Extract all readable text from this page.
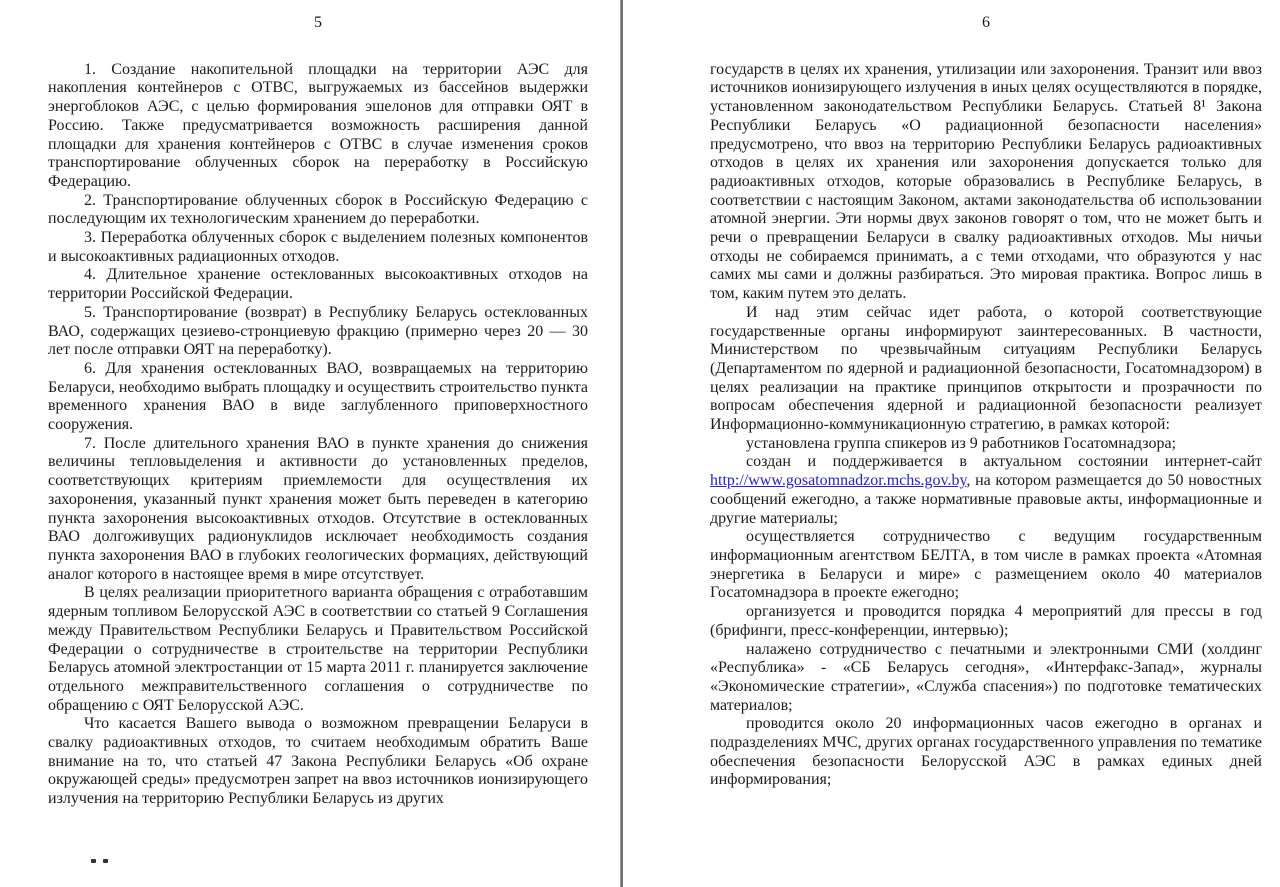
5

1. Создание накопительной площадки на территории АЭС для накопления контейнеров с ОТВС, выгружаемых из бассейнов выдержки энергоблоков АЭС, с целью формирования эшелонов для отправки ОЯТ в Россию. Также предусматривается возможность расширения данной площадки для хранения контейнеров с ОТВС в случае изменения сроков транспортирование облученных сборок на переработку в Российскую Федерацию.

2. Транспортирование облученных сборок в Российскую Федерацию с последующим их технологическим хранением до переработки.

3. Переработка облученных сборок с выделением полезных компонентов и высокоактивных радиационных отходов.

4. Длительное хранение остеклованных высокоактивных отходов на территории Российской Федерации.

5. Транспортирование (возврат) в Республику Беларусь остеклованных ВАО, содержащих цезиево-стронциевую фракцию (примерно через 20 — 30 лет после отправки ОЯТ на переработку).

6. Для хранения остеклованных ВАО, возвращаемых на территорию Беларуси, необходимо выбрать площадку и осуществить строительство пункта временного хранения ВАО в виде заглубленного приповерхностного сооружения.

7. После длительного хранения ВАО в пункте хранения до снижения величины тепловыделения и активности до установленных пределов, соответствующих критериям приемлемости для осуществления их захоронения, указанный пункт хранения может быть переведен в категорию пункта захоронения высокоактивных отходов. Отсутствие в остеклованных ВАО долгоживущих радионуклидов исключает необходимость создания пункта захоронения ВАО в глубоких геологических формациях, действующий аналог которого в настоящее время в мире отсутствует.

В целях реализации приоритетного варианта обращения с отработавшим ядерным топливом Белорусской АЭС в соответствии со статьей 9 Соглашения между Правительством Республики Беларусь и Правительством Российской Федерации о сотрудничестве в строительстве на территории Республики Беларусь атомной электростанции от 15 марта 2011 г. планируется заключение отдельного межправительственного соглашения о сотрудничестве по обращению с ОЯТ Белорусской АЭС.

Что касается Вашего вывода о возможном превращении Беларуси в свалку радиоактивных отходов, то считаем необходимым обратить Ваше внимание на то, что статьей 47 Закона Республики Беларусь «Об охране окружающей среды» предусмотрен запрет на ввоз источников ионизирующего излучения на территорию Республики Беларусь из других

6

государств в целях их хранения, утилизации или захоронения. Транзит или ввоз источников ионизирующего излучения в иных целях осуществляются в порядке, установленном законодательством Республики Беларусь. Статьей 8¹ Закона Республики Беларусь «О радиационной безопасности населения» предусмотрено, что ввоз на территорию Республики Беларусь радиоактивных отходов в целях их хранения или захоронения допускается только для радиоактивных отходов, которые образовались в Республике Беларусь, в соответствии с настоящим Законом, актами законодательства об использовании атомной энергии. Эти нормы двух законов говорят о том, что не может быть и речи о превращении Беларуси в свалку радиоактивных отходов. Мы ничьи отходы не собираемся принимать, а с теми отходами, что образуются у нас самих мы сами и должны разбираться. Это мировая практика. Вопрос лишь в том, каким путем это делать.

И над этим сейчас идет работа, о которой соответствующие государственные органы информируют заинтересованных. В частности, Министерством по чрезвычайным ситуациям Республики Беларусь (Департаментом по ядерной и радиационной безопасности, Госатомнадзором) в целях реализации на практике принципов открытости и прозрачности по вопросам обеспечения ядерной и радиационной безопасности реализует Информационно-коммуникационную стратегию, в рамках которой:

установлена группа спикеров из 9 работников Госатомнадзора;

создан и поддерживается в актуальном состоянии интернет-сайт http://www.gosatomnadzor.mchs.gov.by, на котором размещается до 50 новостных сообщений ежегодно, а также нормативные правовые акты, информационные и другие материалы;

осуществляется сотрудничество с ведущим государственным информационным агентством БЕЛТА, в том числе в рамках проекта «Атомная энергетика в Беларуси и мире» с размещением около 40 материалов Госатомнадзора в проекте ежегодно;

организуется и проводится порядка 4 мероприятий для прессы в год (брифинги, пресс-конференции, интервью);

налажено сотрудничество с печатными и электронными СМИ (холдинг «Республика» - «СБ Беларусь сегодня», «Интерфакс-Запад», журналы «Экономические стратегии», «Служба спасения») по подготовке тематических материалов;

проводится около 20 информационных часов ежегодно в органах и подразделениях МЧС, других органах государственного управления по тематике обеспечения безопасности Белорусской АЭС в рамках единых дней информирования;
